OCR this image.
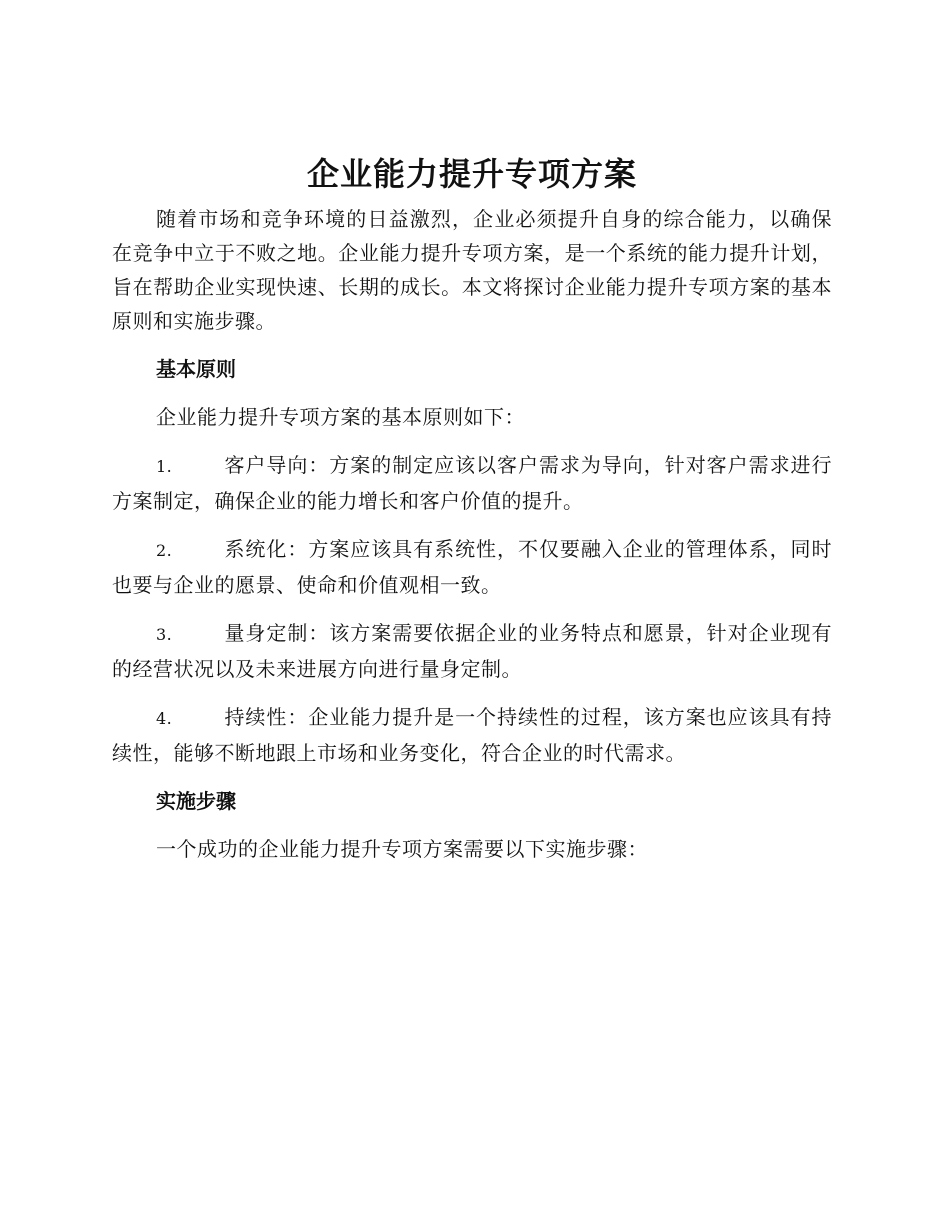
企业能力提升专项方案

随着市场和竞争环境的日益激烈，企业必须提升自身的综合能力，以确保在竞争中立于不败之地。企业能力提升专项方案，是一个系统的能力提升计划，旨在帮助企业实现快速、长期的成长。本文将探讨企业能力提升专项方案的基本原则和实施步骤。

基本原则

企业能力提升专项方案的基本原则如下：

1.	客户导向：方案的制定应该以客户需求为导向，针对客户需求进行方案制定，确保企业的能力增长和客户价值的提升。

2.	系统化：方案应该具有系统性，不仅要融入企业的管理体系，同时也要与企业的愿景、使命和价值观相一致。

3.	量身定制：该方案需要依据企业的业务特点和愿景，针对企业现有的经营状况以及未来进展方向进行量身定制。

4.	持续性：企业能力提升是一个持续性的过程，该方案也应该具有持续性，能够不断地跟上市场和业务变化，符合企业的时代需求。

实施步骤

一个成功的企业能力提升专项方案需要以下实施步骤：
